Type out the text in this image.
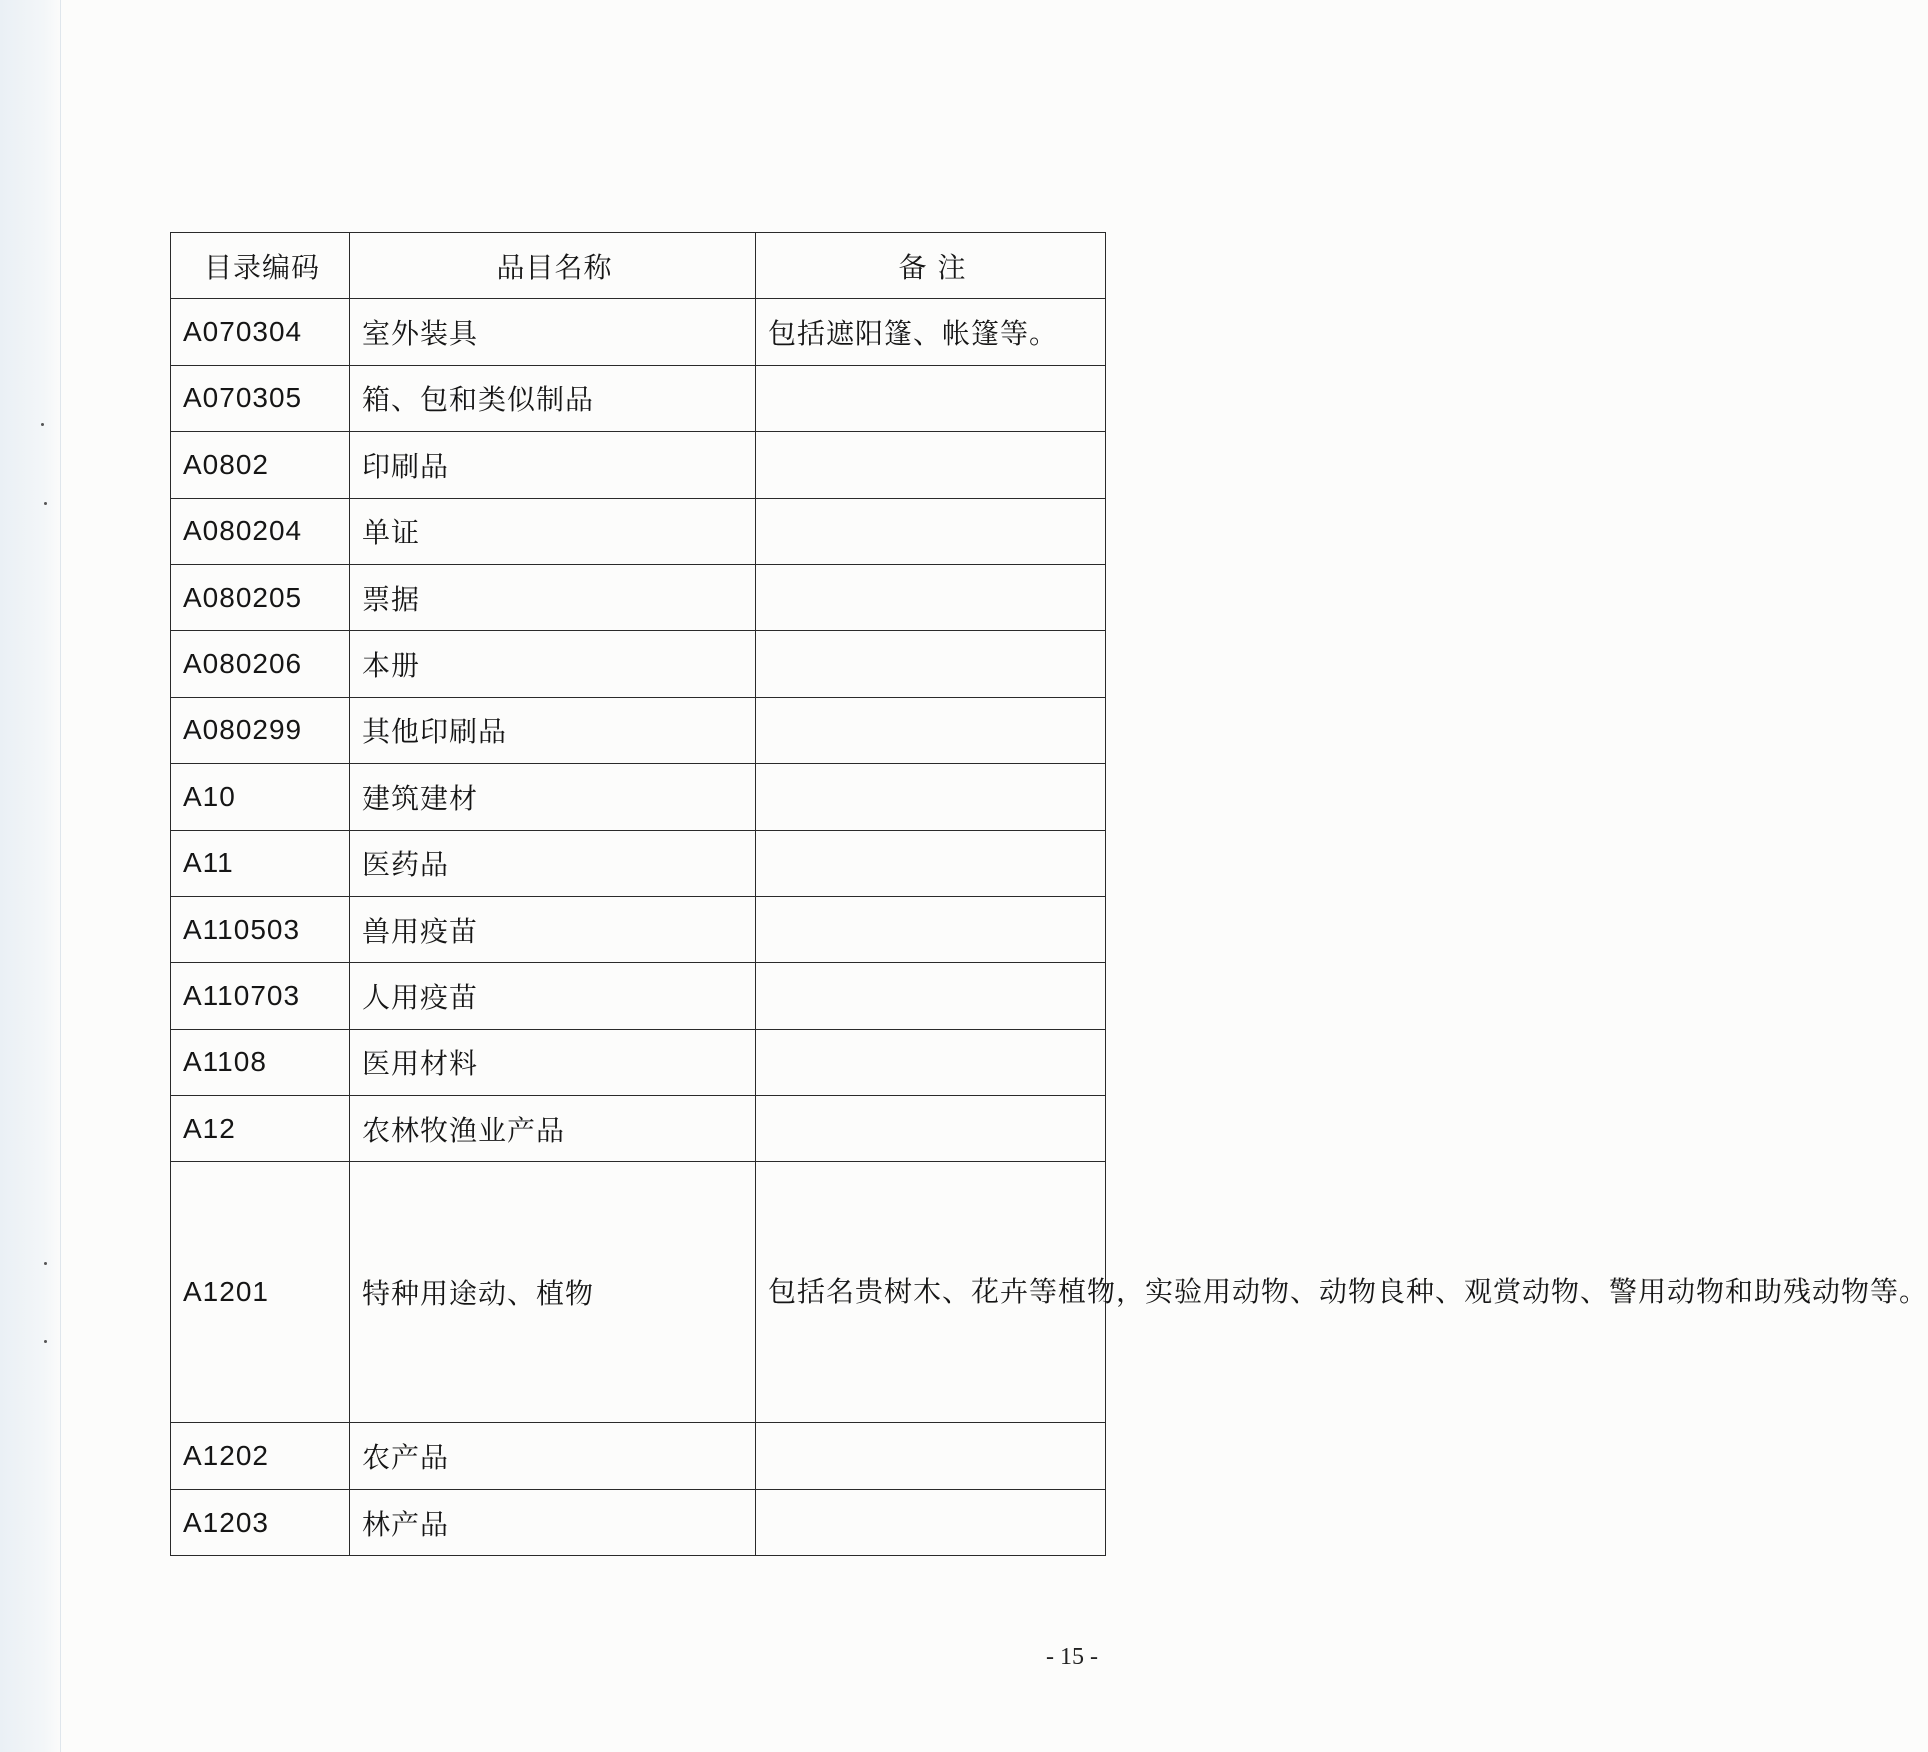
目录编码	品目名称	备 注
A070304	室外装具	包括遮阳篷、帐篷等。
A070305	箱、包和类似制品	
A0802	印刷品	
A080204	单证	
A080205	票据	
A080206	本册	
A080299	其他印刷品	
A10	建筑建材	
A11	医药品	
A110503	兽用疫苗	
A110703	人用疫苗	
A1108	医用材料	
A12	农林牧渔业产品	
A1201	特种用途动、植物	包括名贵树木、花卉等植物，实验用动物、动物良种、观赏动物、警用动物和助残动物等。
A1202	农产品	
A1203	林产品	
- 15 -
